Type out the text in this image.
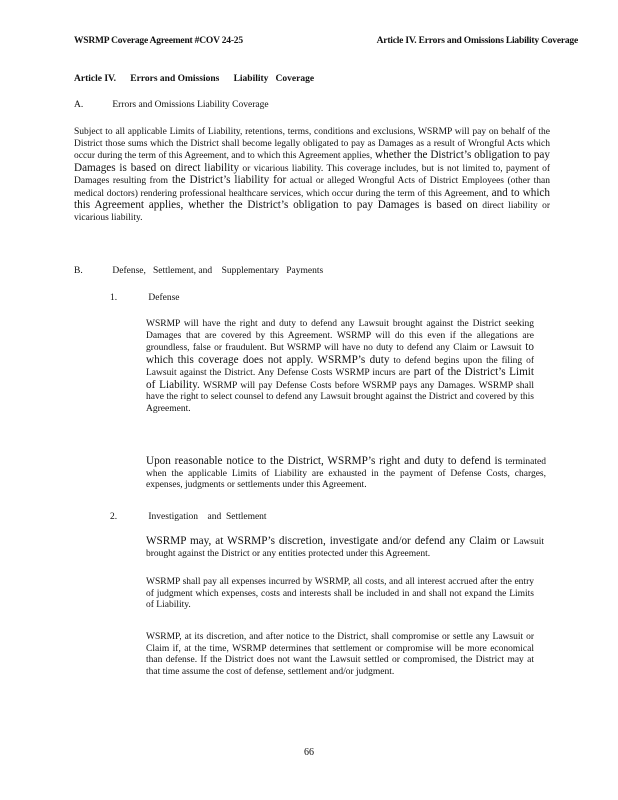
WSRMP Coverage Agreement #COV 24-25	Article IV. Errors and Omissions Liability Coverage
Article IV.      Errors and Omissions      Liability   Coverage
A.	Errors and Omissions Liability Coverage

Subject to all applicable Limits of Liability, retentions, terms, conditions and exclusions, WSRMP will pay on behalf of the District those sums which the District shall become legally obligated to pay as Damages as a result of Wrongful Acts which occur during the term of this Agreement, and to which this Agreement applies, whether the District’s obligation to pay Damages is based on direct liability or vicarious liability. This coverage includes, but is not limited to, payment of Damages resulting from the District’s liability for actual or alleged Wrongful Acts of District Employees (other than medical doctors) rendering professional healthcare services, which occur during the term of this Agreement, and to which this Agreement applies, whether the District’s obligation to pay Damages is based on direct liability or vicarious liability.

B.	Defense,   Settlement, and    Supplementary   Payments
1.	Defense

WSRMP will have the right and duty to defend any Lawsuit brought against the District seeking Damages that are covered by this Agreement. WSRMP will do this even if the allegations are groundless, false or fraudulent. But WSRMP will have no duty to defend any Claim or Lawsuit to which this coverage does not apply. WSRMP’s duty to defend begins upon the filing of Lawsuit against the District. Any Defense Costs WSRMP incurs are part of the District’s Limit of Liability. WSRMP will pay Defense Costs before WSRMP pays any Damages. WSRMP shall have the right to select counsel to defend any Lawsuit brought against the District and covered by this Agreement.

Upon reasonable notice to the District, WSRMP’s right and duty to defend is terminated when the applicable Limits of Liability are exhausted in the payment of Defense Costs, charges, expenses, judgments or settlements under this Agreement.

2.	Investigation    and  Settlement

WSRMP may, at WSRMP’s discretion, investigate and/or defend any Claim or Lawsuit brought against the District or any entities protected under this Agreement.

WSRMP shall pay all expenses incurred by WSRMP, all costs, and all interest accrued after the entry of judgment which expenses, costs and interests shall be included in and shall not expand the Limits of Liability.

WSRMP, at its discretion, and after notice to the District, shall compromise or settle any Lawsuit or Claim if, at the time, WSRMP determines that settlement or compromise will be more economical than defense. If the District does not want the Lawsuit settled or compromised, the District may at that time assume the cost of defense, settlement and/or judgment.

66
